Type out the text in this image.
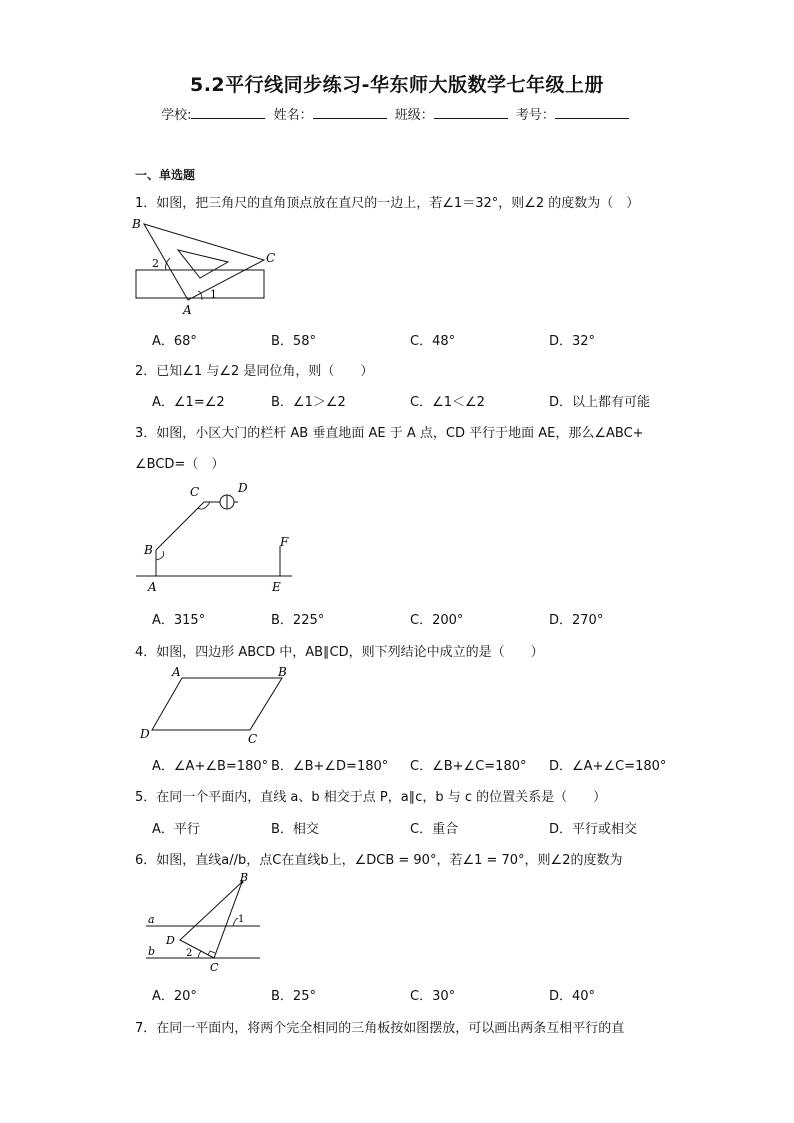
5.2平行线同步练习-华东师大版数学七年级上册
学校:	姓名：	班级：	考号：
一、单选题
1．如图，把三角尺的直角顶点放在直尺的一边上，若∠1＝32°，则∠2 的度数为（　）
B
C
A
1
2
A．68°	B．58°	C．48°	D．32°
2．已知∠1 与∠2 是同位角，则（　　）
A．∠1=∠2	B．∠1＞∠2	C．∠1＜∠2	D．以上都有可能
3．如图，小区大门的栏杆 AB 垂直地面 AE 于 A 点，CD 平行于地面 AE，那么∠ABC+
∠BCD=（　）
A
B
C	D
E
F
A．315°	B．225°	C．200°	D．270°
4．如图，四边形 ABCD 中，AB∥CD，则下列结论中成立的是（　　）
A	B
C
D
A．∠A+∠B=180° B．∠B+∠D=180° C．∠B+∠C=180° D．∠A+∠C=180°
5．在同一个平面内，直线 a、b 相交于点 P，a∥c，b 与 c 的位置关系是（　　）
A．平行	B．相交	C．重合	D．平行或相交
6．如图，直线a//b，点C在直线b上，∠DCB = 90°，若∠1 = 70°，则∠2的度数为
B
a
b
D
C
1
2
A．20°	B．25°	C．30°	D．40°
7．在同一平面内，将两个完全相同的三角板按如图摆放，可以画出两条互相平行的直
